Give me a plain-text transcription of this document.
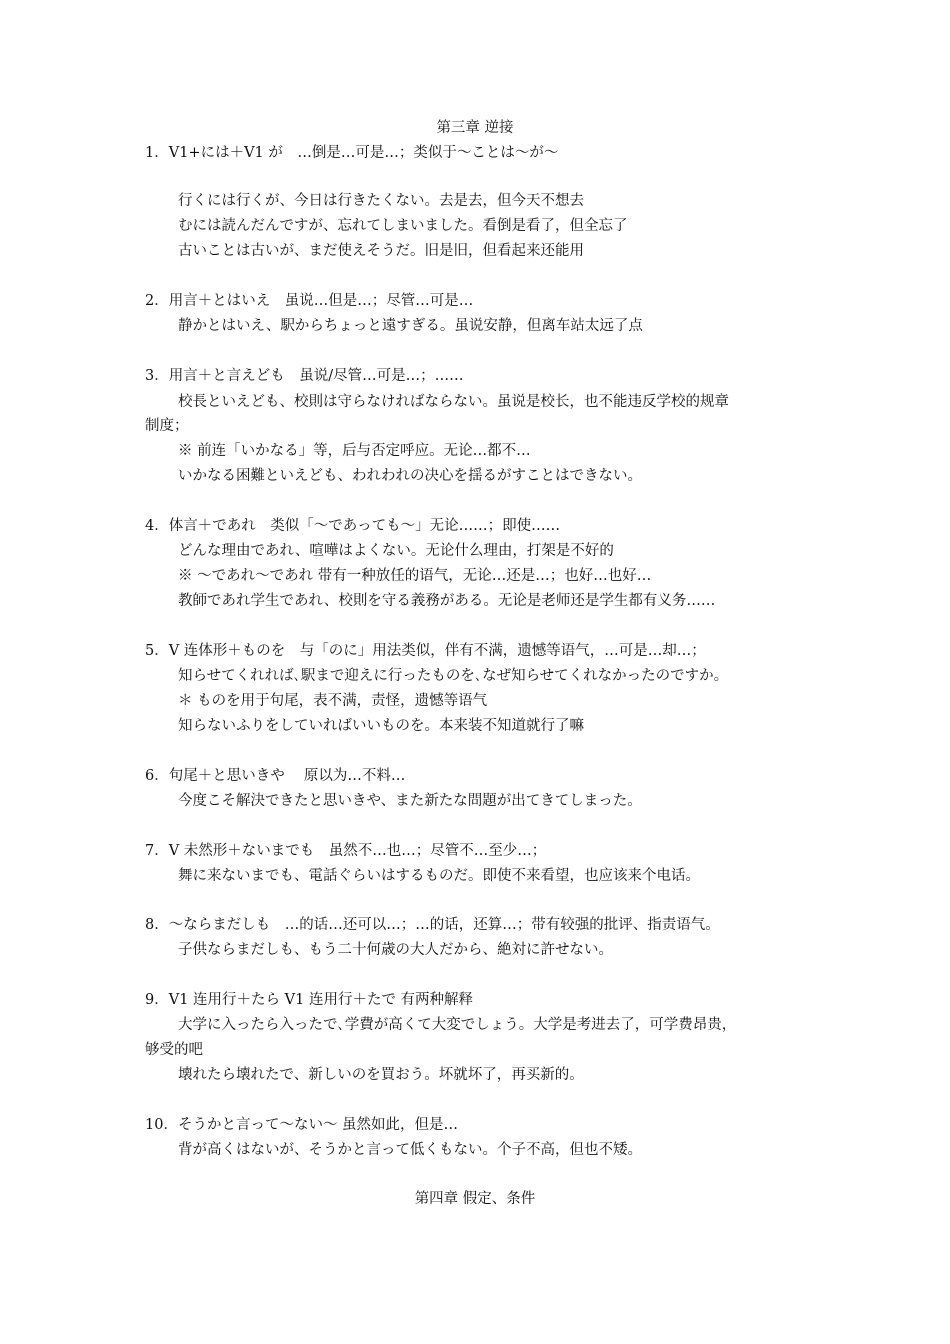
第三章 逆接
1．V1+には＋V1 が　…倒是…可是…；类似于～ことは～が～
行くには行くが、今日は行きたくない。去是去，但今天不想去
むには読んだんですが、忘れてしまいました。看倒是看了，但全忘了
古いことは古いが、まだ使えそうだ。旧是旧，但看起来还能用
2．用言＋とはいえ　虽说…但是…；尽管…可是…
静かとはいえ、駅からちょっと遠すぎる。虽说安静，但离车站太远了点
3．用言＋と言えども　虽说/尽管…可是…；……
校長といえども、校則は守らなければならない。虽说是校长，也不能违反学校的规章
制度；
※ 前连「いかなる」等，后与否定呼应。无论…都不…
いかなる困難といえども、われわれの决心を揺るがすことはできない。
4．体言＋であれ　类似「～であっても～」无论……；即使……
どんな理由であれ、喧嘩はよくない。无论什么理由，打架是不好的
※ ～であれ～であれ 带有一种放任的语气，无论…还是…；也好…也好…
教師であれ学生であれ、校則を守る義務がある。无论是老师还是学生都有义务……
5．V 连体形＋ものを　与「のに」用法类似，伴有不满，遗憾等语气，…可是…却…；
知らせてくれれば､駅まで迎えに行ったものを､なぜ知らせてくれなかったのですか。
＊ ものを用于句尾，表不满，责怪，遗憾等语气
知らないふりをしていればいいものを。本来装不知道就行了嘛
6．句尾＋と思いきや　 原以为…不料…
今度こそ解決できたと思いきや、また新たな問題が出てきてしまった。
7．V 未然形＋ないまでも　虽然不…也…；尽管不…至少…；
舞に来ないまでも、電話ぐらいはするものだ。即使不来看望，也应该来个电话。
8．～ならまだしも　…的话…还可以…；…的话，还算…；带有较强的批评、指责语气。
子供ならまだしも、もう二十何歳の大人だから、絶対に許せない。
9．V1 连用行＋たら V1 连用行＋たで 有两种解释
大学に入ったら入ったで､学費が高くて大変でしょう。大学是考进去了，可学费昂贵，
够受的吧
壊れたら壊れたで、新しいのを買おう。坏就坏了，再买新的。
10．そうかと言って～ない～ 虽然如此，但是…
背が高くはないが、そうかと言って低くもない。个子不高，但也不矮。
第四章 假定、条件
